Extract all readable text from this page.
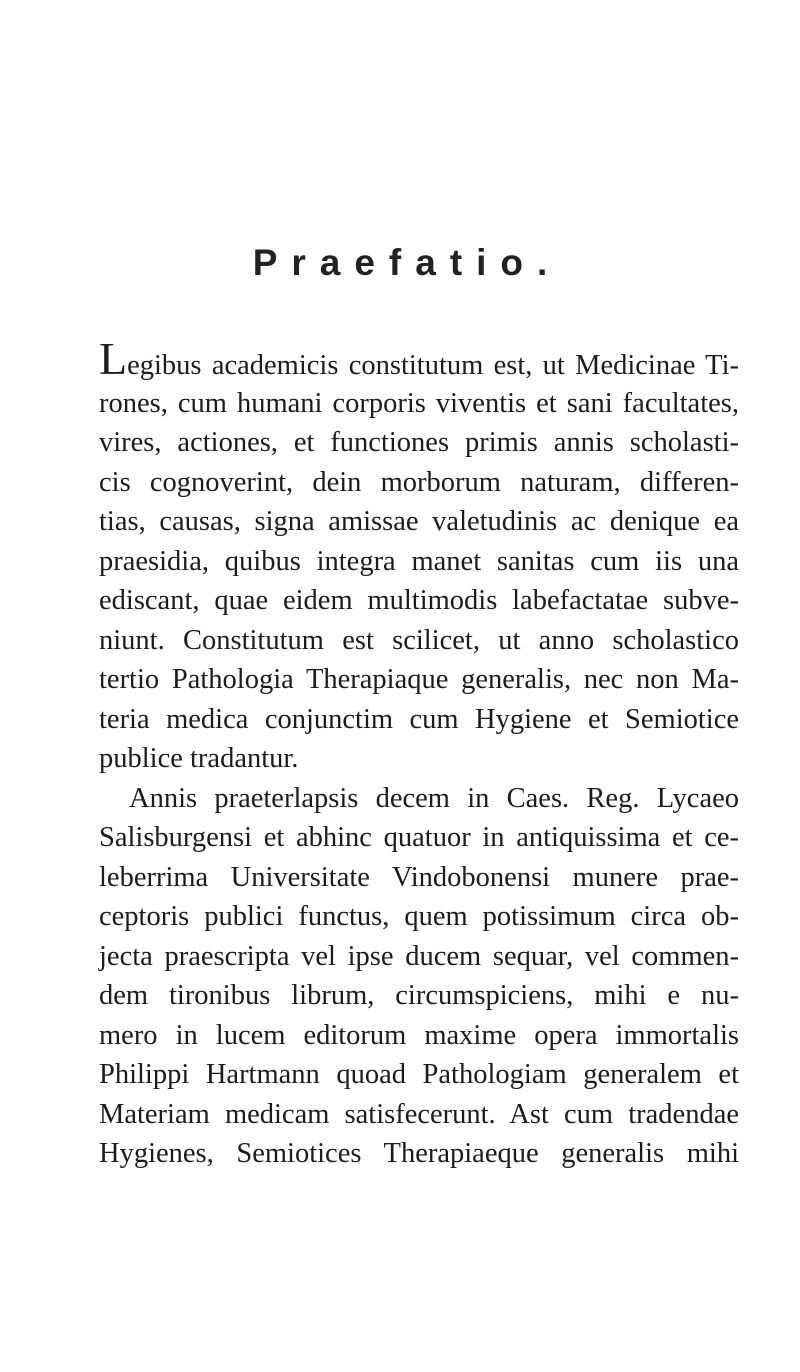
Praefatio.
Legibus academicis constitutum est, ut Medicinae Ti-
rones, cum humani corporis viventis et sani facultates,
vires, actiones, et functiones primis annis scholasti-
cis cognoverint, dein morborum naturam, differen-
tias, causas, signa amissae valetudinis ac denique ea
praesidia, quibus integra manet sanitas cum iis una
ediscant, quae eidem multimodis labefactatae subve-
niunt. Constitutum est scilicet, ut anno scholastico
tertio Pathologia Therapiaque generalis, nec non Ma-
teria medica conjunctim cum Hygiene et Semiotice
publice tradantur.
Annis praeterlapsis decem in Caes. Reg. Lycaeo
Salisburgensi et abhinc quatuor in antiquissima et ce-
leberrima Universitate Vindobonensi munere prae-
ceptoris publici functus, quem potissimum circa ob-
jecta praescripta vel ipse ducem sequar, vel commen-
dem tironibus librum, circumspiciens, mihi e nu-
mero in lucem editorum maxime opera immortalis
Philippi Hartmann quoad Pathologiam generalem et
Materiam medicam satisfecerunt. Ast cum tradendae
Hygienes, Semiotices Therapiaeque generalis mihi
